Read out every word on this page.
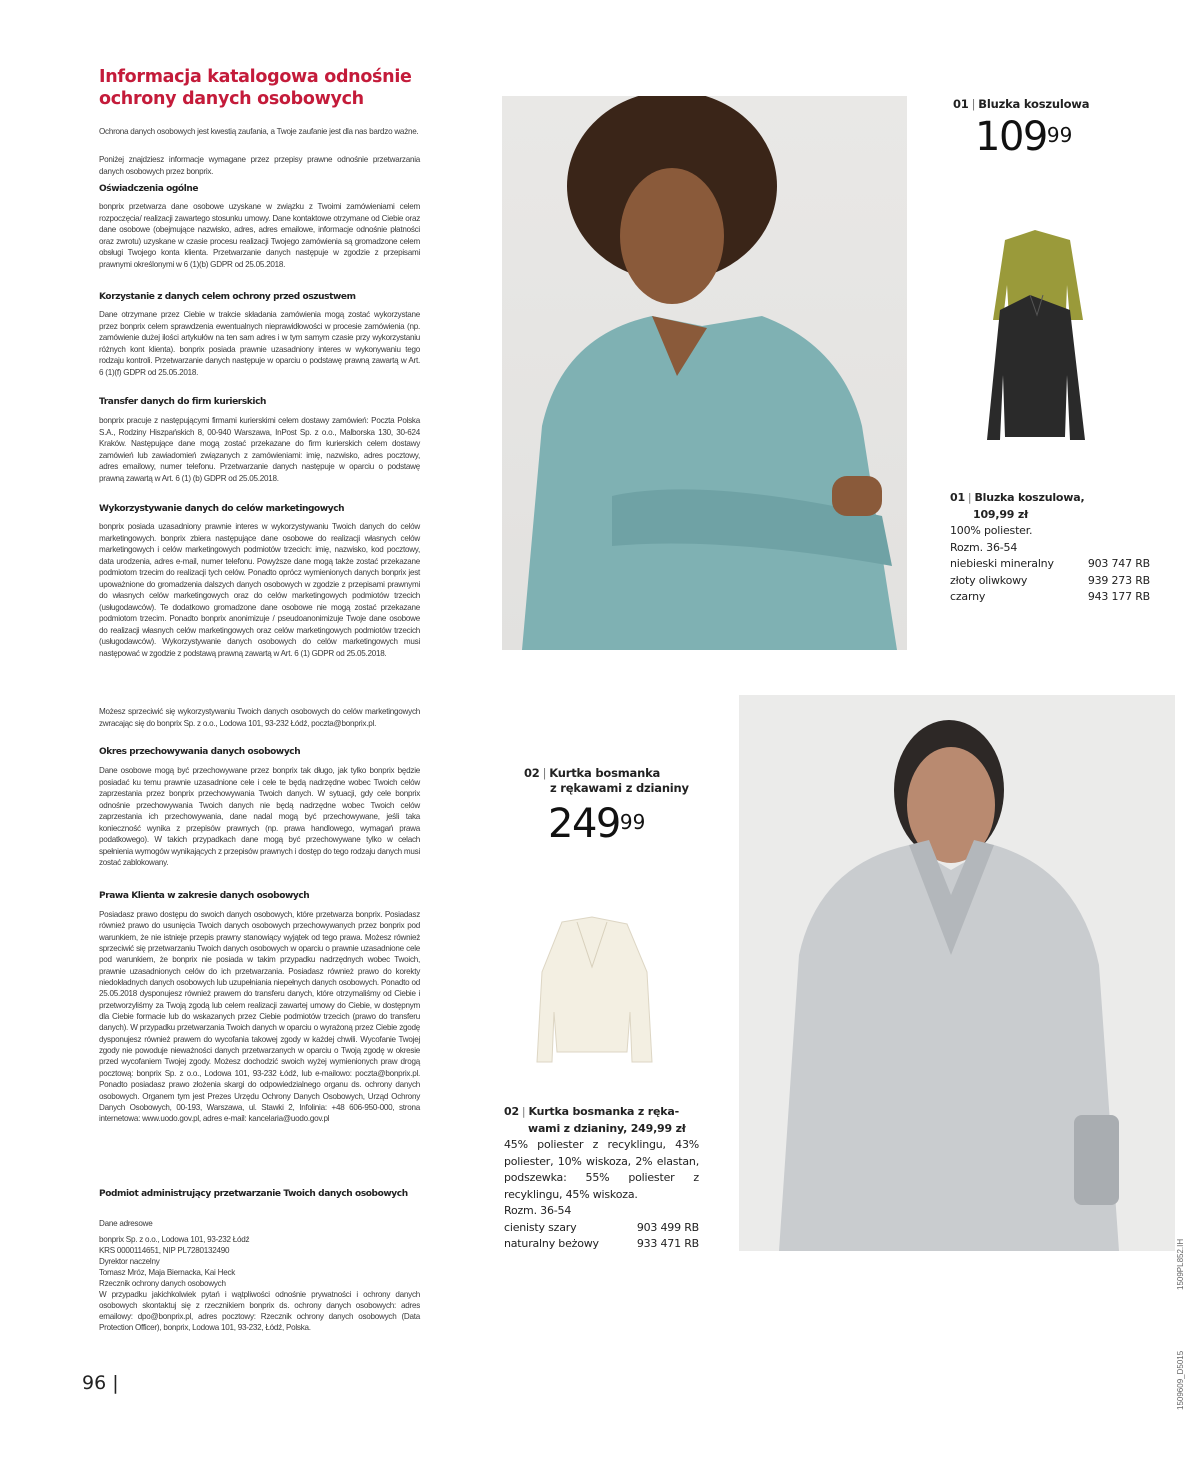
Informacja katalogowa odnośnie ochrony danych osobowych

Ochrona danych osobowych jest kwestią zaufania, a Twoje zaufanie jest dla nas bardzo ważne.

Poniżej znajdziesz informacje wymagane przez przepisy prawne odnośnie przetwarzania danych osobowych przez bonprix.

Oświadczenia ogólne

bonprix przetwarza dane osobowe uzyskane w związku z Twoimi zamówieniami celem rozpoczęcia/ realizacji zawartego stosunku umowy. Dane kontaktowe otrzymane od Ciebie oraz dane osobowe (obejmujące nazwisko, adres, adres emailowe, informacje odnośnie płatności oraz zwrotu) uzyskane w czasie procesu realizacji Twojego zamówienia są gromadzone celem obsługi Twojego konta klienta. Przetwarzanie danych następuje w zgodzie z przepisami prawnymi określonymi w 6 (1)(b) GDPR od 25.05.2018.

Korzystanie z danych celem ochrony przed oszustwem

Dane otrzymane przez Ciebie w trakcie składania zamówienia mogą zostać wykorzystane przez bonprix celem sprawdzenia ewentualnych nieprawidłowości w procesie zamówienia (np. zamówienie dużej ilości artykułów na ten sam adres i w tym samym czasie przy wykorzystaniu różnych kont klienta). bonprix posiada prawnie uzasadniony interes w wykonywaniu tego rodzaju kontroli. Przetwarzanie danych następuje w oparciu o podstawę prawną zawartą w Art. 6 (1)(f) GDPR od 25.05.2018.

Transfer danych do firm kurierskich

bonprix pracuje z następującymi firmami kurierskimi celem dostawy zamówień: Poczta Polska S.A., Rodziny Hiszpańskich 8, 00-940 Warszawa, InPost Sp. z o.o., Malborska 130, 30-624 Kraków. Następujące dane mogą zostać przekazane do firm kurierskich celem dostawy zamówień lub zawiadomień związanych z zamówieniami: imię, nazwisko, adres pocztowy, adres emailowy, numer telefonu. Przetwarzanie danych następuje w oparciu o podstawę prawną zawartą w Art. 6 (1) (b) GDPR od 25.05.2018.

Wykorzystywanie danych do celów marketingowych

bonprix posiada uzasadniony prawnie interes w wykorzystywaniu Twoich danych do celów marketingowych. bonprix zbiera następujące dane osobowe do realizacji własnych celów marketingowych i celów marketingowych podmiotów trzecich: imię, nazwisko, kod pocztowy, data urodzenia, adres e-mail, numer telefonu. Powyższe dane mogą także zostać przekazane podmiotom trzecim do realizacji tych celów. Ponadto oprócz wymienionych danych bonprix jest upoważnione do gromadzenia dalszych danych osobowych w zgodzie z przepisami prawnymi do własnych celów marketingowych oraz do celów marketingowych podmiotów trzecich (usługodawców). Te dodatkowo gromadzone dane osobowe nie mogą zostać przekazane podmiotom trzecim. Ponadto bonprix anonimizuje / pseudoanonimizuje Twoje dane osobowe do realizacji własnych celów marketingowych oraz celów marketingowych podmiotów trzecich (usługodawców). Wykorzystywanie danych osobowych do celów marketingowych musi następować w zgodzie z podstawą prawną zawartą w Art. 6 (1) GDPR od 25.05.2018.

Możesz sprzeciwić się wykorzystywaniu Twoich danych osobowych do celów marketingowych zwracając się do bonprix Sp. z o.o., Lodowa 101, 93-232 Łódź, poczta@bonprix.pl.

Okres przechowywania danych osobowych

Dane osobowe mogą być przechowywane przez bonprix tak długo, jak tylko bonprix będzie posiadać ku temu prawnie uzasadnione cele i cele te będą nadrzędne wobec Twoich celów zaprzestania przez bonprix przechowywania Twoich danych. W sytuacji, gdy cele bonprix odnośnie przechowywania Twoich danych nie będą nadrzędne wobec Twoich celów zaprzestania ich przechowywania, dane nadal mogą być przechowywane, jeśli taka konieczność wynika z przepisów prawnych (np. prawa handlowego, wymagań prawa podatkowego). W takich przypadkach dane mogą być przechowywane tylko w celach spełnienia wymogów wynikających z przepisów prawnych i dostęp do tego rodzaju danych musi zostać zablokowany.

Prawa Klienta w zakresie danych osobowych

Posiadasz prawo dostępu do swoich danych osobowych, które przetwarza bonprix. Posiadasz również prawo do usunięcia Twoich danych osobowych przechowywanych przez bonprix pod warunkiem, że nie istnieje przepis prawny stanowiący wyjątek od tego prawa. Możesz również sprzeciwić się przetwarzaniu Twoich danych osobowych w oparciu o prawnie uzasadnione cele pod warunkiem, że bonprix nie posiada w takim przypadku nadrzędnych wobec Twoich, prawnie uzasadnionych celów do ich przetwarzania. Posiadasz również prawo do korekty niedokładnych danych osobowych lub uzupełniania niepełnych danych osobowych. Ponadto od 25.05.2018 dysponujesz również prawem do transferu danych, które otrzymaliśmy od Ciebie i przetworzyliśmy za Twoją zgodą lub celem realizacji zawartej umowy do Ciebie, w dostępnym dla Ciebie formacie lub do wskazanych przez Ciebie podmiotów trzecich (prawo do transferu danych). W przypadku przetwarzania Twoich danych w oparciu o wyrażoną przez Ciebie zgodę dysponujesz również prawem do wycofania takowej zgody w każdej chwili. Wycofanie Twojej zgody nie powoduje nieważności danych przetwarzanych w oparciu o Twoją zgodę w okresie przed wycofaniem Twojej zgody. Możesz dochodzić swoich wyżej wymienionych praw drogą pocztową: bonprix Sp. z o.o., Lodowa 101, 93-232 Łódź, lub e-mailowo: poczta@bonprix.pl. Ponadto posiadasz prawo złożenia skargi do odpowiedzialnego organu ds. ochrony danych osobowych. Organem tym jest Prezes Urzędu Ochrony Danych Osobowych, Urząd Ochrony Danych Osobowych, 00-193, Warszawa, ul. Stawki 2, Infolinia: +48 606-950-000, strona internetowa: www.uodo.gov.pl, adres e-mail: kancelaria@uodo.gov.pl

Podmiot administrujący przetwarzanie Twoich danych osobowych

Dane adresowe

bonprix Sp. z o.o., Lodowa 101, 93-232 Łódź
KRS 0000114651, NIP PL7280132490
Dyrektor naczelny
Tomasz Mróz, Maja Biernacka, Kai Heck
Rzecznik ochrony danych osobowych
W przypadku jakichkolwiek pytań i wątpliwości odnośnie prywatności i ochrony danych osobowych skontaktuj się z rzecznikiem bonprix ds. ochrony danych osobowych: adres emailowy: dpo@bonprix.pl, adres pocztowy: Rzecznik ochrony danych osobowych (Data Protection Officer), bonprix, Lodowa 101, 93-232, Łódź, Polska.
96 |
01 | Bluzka koszulowa
$109^{99}$
01 | Bluzka koszulowa,
109,99 zł
100% poliester.
Rozm. 36-54
niebieski mineralny	903 747 RB
złoty oliwkowy	939 273 RB
czarny	943 177 RB
02 | Kurtka bosmanka
z rękawami z dzianiny
$249^{99}$
02 | Kurtka bosmanka z ręka-
wami z dzianiny, 249,99 zł
45% poliester z recyklingu, 43% poliester, 10% wiskoza, 2% elastan, podszewka: 55% poliester z recyklingu, 45% wiskoza.
Rozm. 36-54
cienisty szary	903 499 RB
naturalny beżowy	933 471 RB
1509609_D5015
1509PL852.IH
